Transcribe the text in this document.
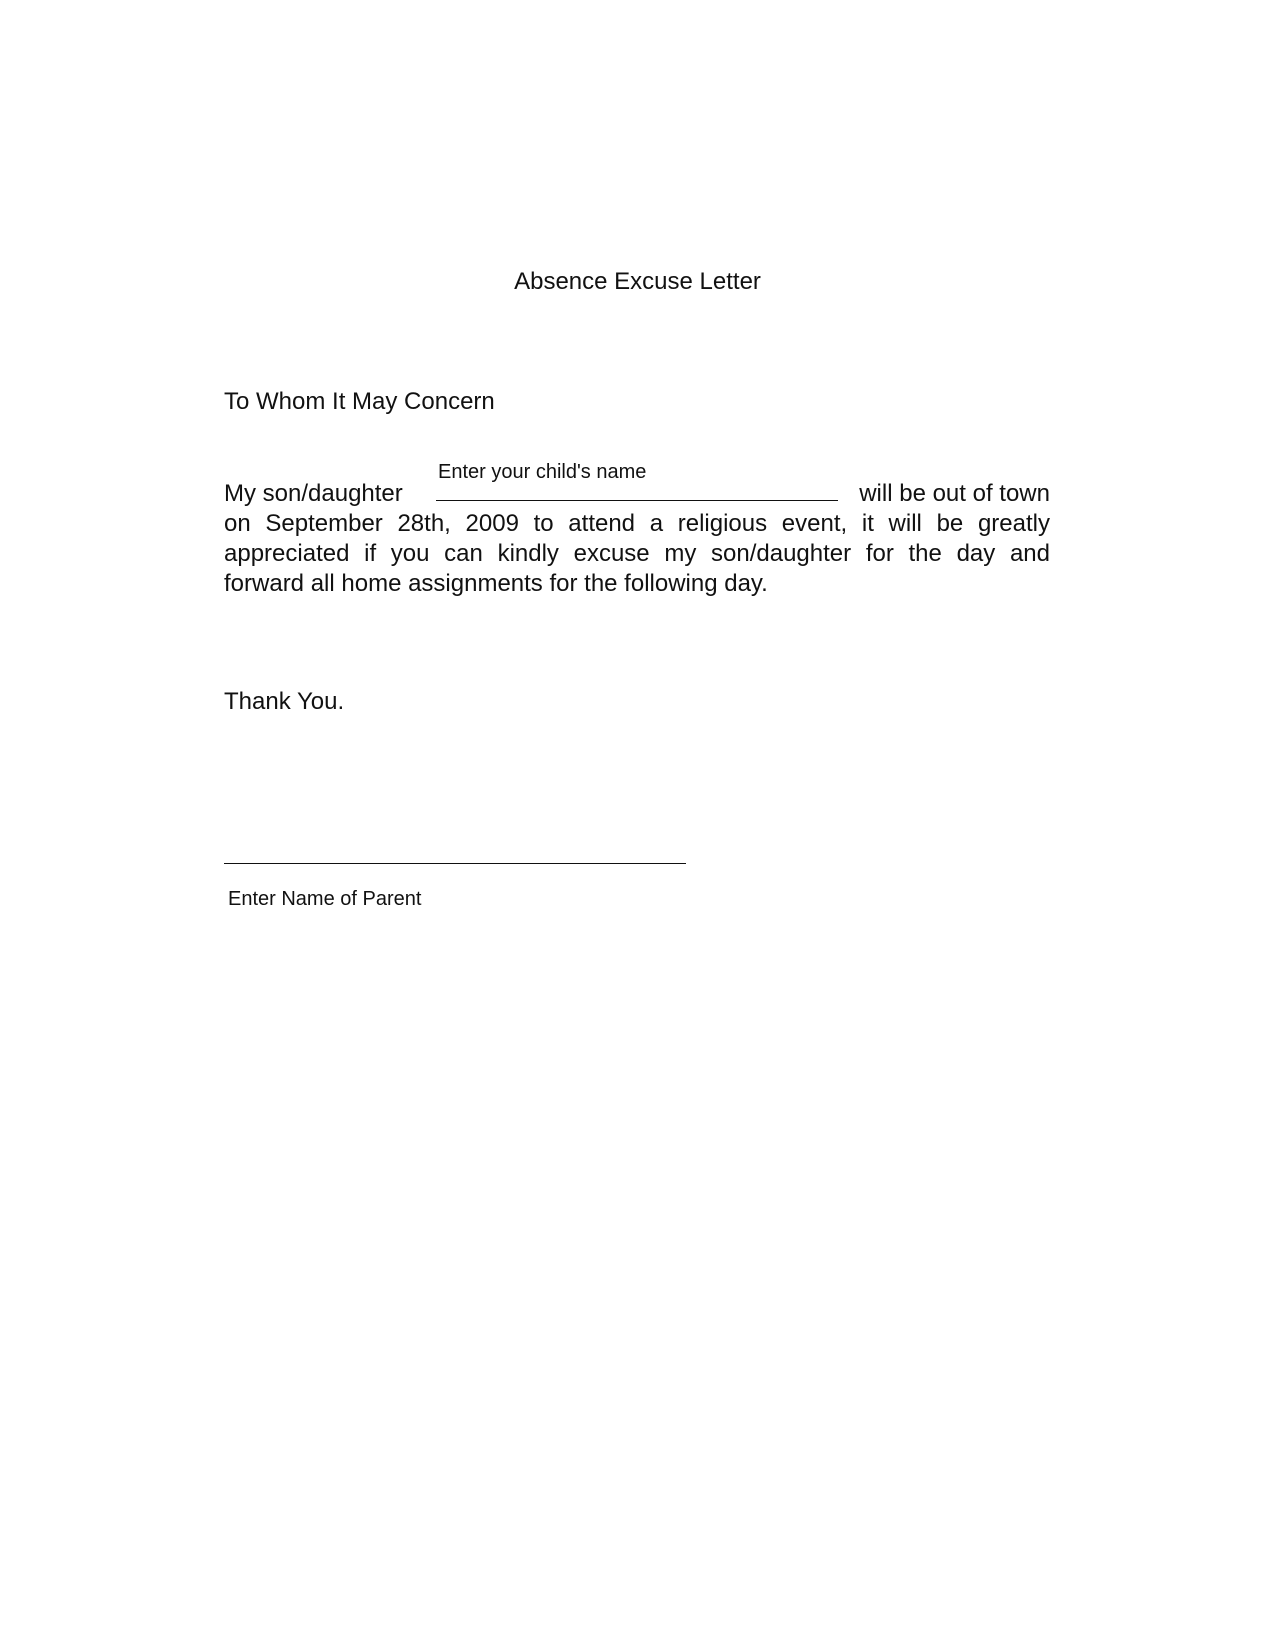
Absence Excuse Letter
To Whom It May Concern
My son/daughter
Enter your child's name
will be out of town
on September 28th, 2009 to attend a religious event, it will be greatly
appreciated if you can kindly excuse my son/daughter for the day and
forward all home assignments for the following day.
Thank You.
Enter Name of Parent
